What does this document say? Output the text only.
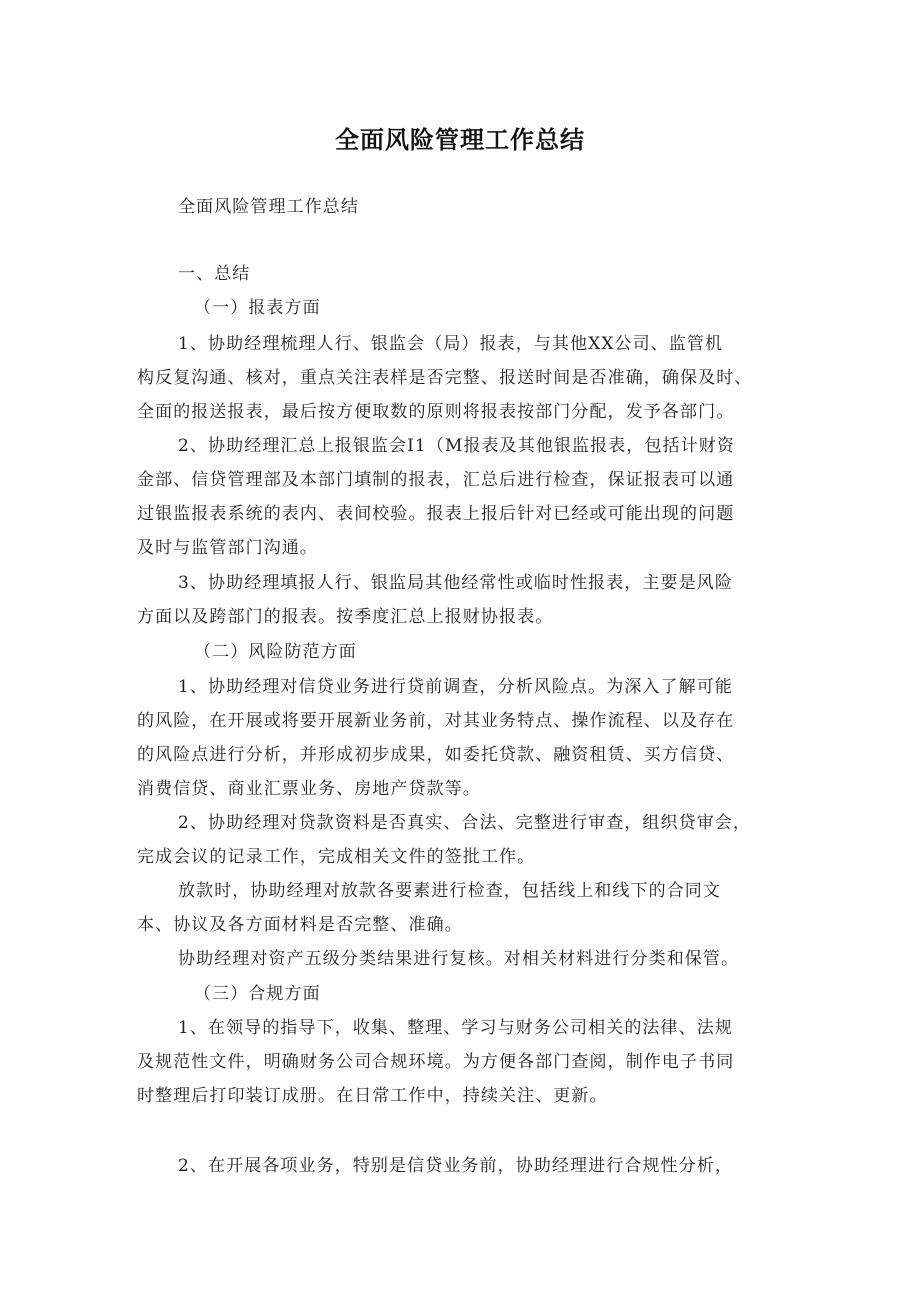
全面风险管理工作总结
全面风险管理工作总结
一、总结
（一）报表方面
1、协助经理梳理人行、银监会（局）报表，与其他XX公司、监管机
构反复沟通、核对，重点关注表样是否完整、报送时间是否准确，确保及时、
全面的报送报表，最后按方便取数的原则将报表按部门分配，发予各部门。
2、协助经理汇总上报银监会I1（M报表及其他银监报表，包括计财资
金部、信贷管理部及本部门填制的报表，汇总后进行检查，保证报表可以通
过银监报表系统的表内、表间校验。报表上报后针对已经或可能出现的问题
及时与监管部门沟通。
3、协助经理填报人行、银监局其他经常性或临时性报表，主要是风险
方面以及跨部门的报表。按季度汇总上报财协报表。
（二）风险防范方面
1、协助经理对信贷业务进行贷前调查，分析风险点。为深入了解可能
的风险，在开展或将要开展新业务前，对其业务特点、操作流程、以及存在
的风险点进行分析，并形成初步成果，如委托贷款、融资租赁、买方信贷、
消费信贷、商业汇票业务、房地产贷款等。
2、协助经理对贷款资料是否真实、合法、完整进行审查，组织贷审会，
完成会议的记录工作，完成相关文件的签批工作。
放款时，协助经理对放款各要素进行检查，包括线上和线下的合同文
本、协议及各方面材料是否完整、准确。
协助经理对资产五级分类结果进行复核。对相关材料进行分类和保管。
（三）合规方面
1、在领导的指导下，收集、整理、学习与财务公司相关的法律、法规
及规范性文件，明确财务公司合规环境。为方便各部门查阅，制作电子书同
时整理后打印装订成册。在日常工作中，持续关注、更新。
2、在开展各项业务，特别是信贷业务前，协助经理进行合规性分析，
